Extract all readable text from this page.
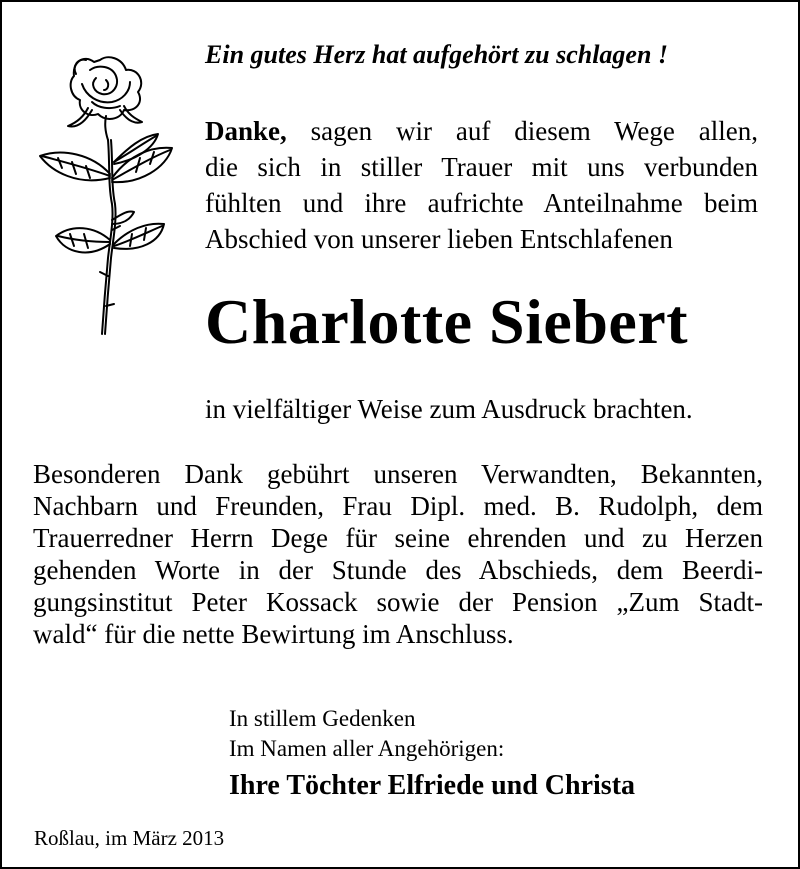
Ein gutes Herz hat aufgehört zu schlagen !
Danke, sagen wir auf diesem Wege allen,
die sich in stiller Trauer mit uns verbunden
fühlten und ihre aufrichte Anteilnahme beim
Abschied von unserer lieben Entschlafenen
Charlotte Siebert
in vielfältiger Weise zum Ausdruck brachten.
Besonderen Dank gebührt unseren Verwandten, Bekannten,
Nachbarn und Freunden, Frau Dipl. med. B. Rudolph, dem
Trauerredner Herrn Dege für seine ehrenden und zu Herzen
gehenden Worte in der Stunde des Abschieds, dem Beerdi-
gungsinstitut Peter Kossack sowie der Pension „Zum Stadt-
wald“ für die nette Bewirtung im Anschluss.
In stillem Gedenken
Im Namen aller Angehörigen:
Ihre Töchter Elfriede und Christa
Roßlau, im März 2013
